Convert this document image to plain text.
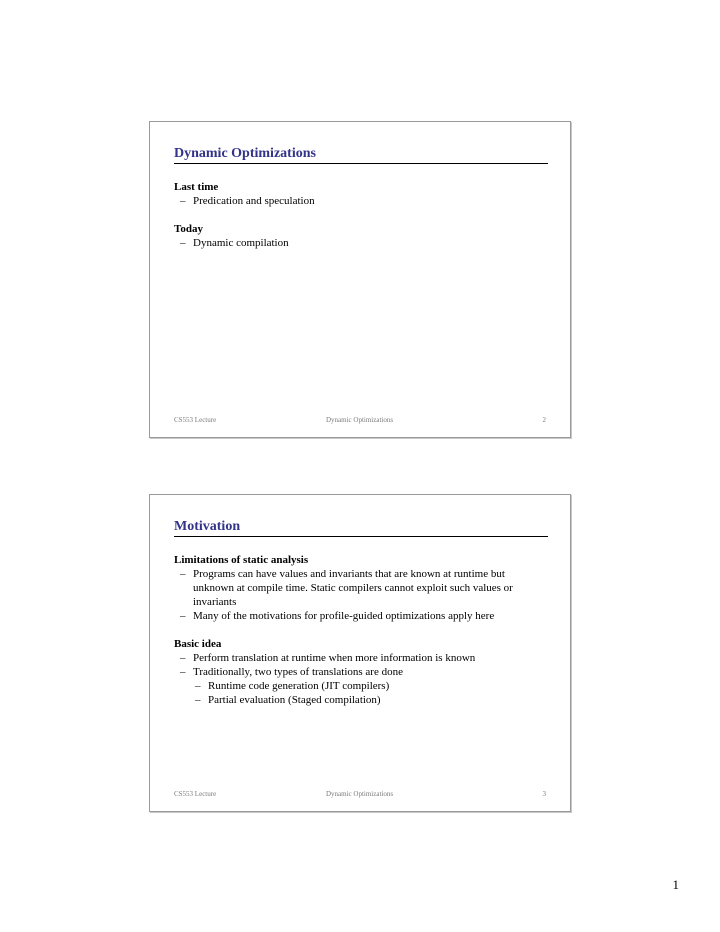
Dynamic Optimizations
Last time
– Predication and speculation
Today
– Dynamic compilation
CS553 Lecture	Dynamic Optimizations	2
Motivation
Limitations of static analysis
– Programs can have values and invariants that are known at runtime but unknown at compile time. Static compilers cannot exploit such values or invariants
– Many of the motivations for profile-guided optimizations apply here
Basic idea
– Perform translation at runtime when more information is known
– Traditionally, two types of translations are done
– Runtime code generation (JIT compilers)
– Partial evaluation (Staged compilation)
CS553 Lecture	Dynamic Optimizations	3
1
